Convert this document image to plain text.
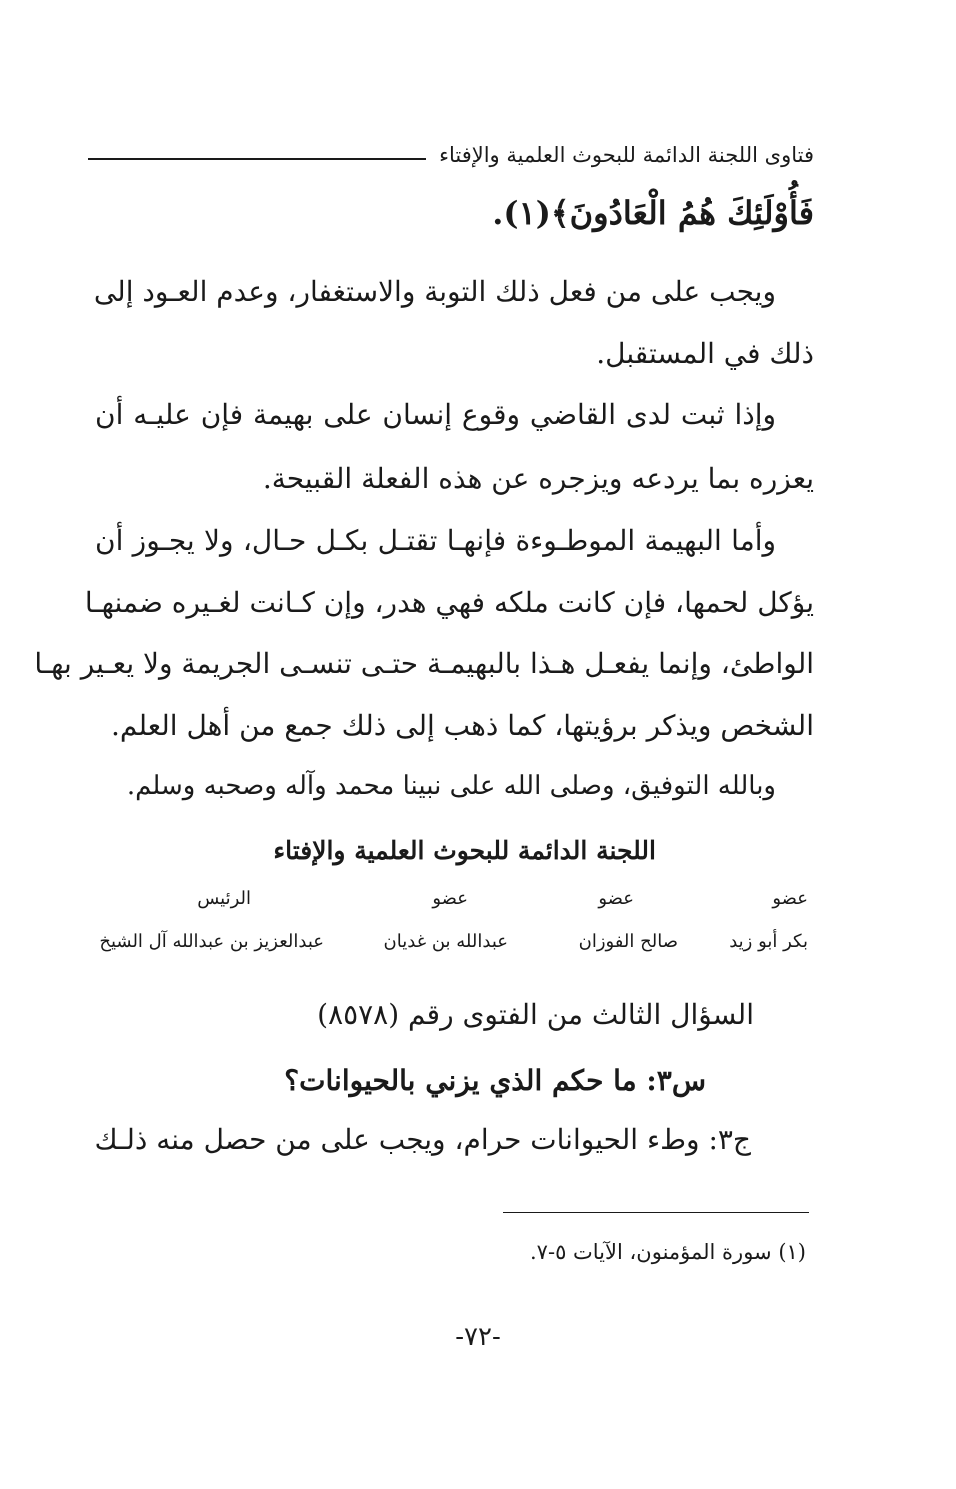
فتاوى اللجنة الدائمة للبحوث العلمية والإفتاء
فَأُوْلَئِكَ هُمُ الْعَادُونَ﴾(١).
ويجب على من فعل ذلك التوبة والاستغفار، وعدم العـود إلى
ذلك في المستقبل.
وإذا ثبت لدى القاضي وقوع إنسان على بهيمة فإن عليـه أن
يعزره بما يردعه ويزجره عن هذه الفعلة القبيحة.
وأما البهيمة الموطـوءة فإنهـا تقتـل بكـل حـال، ولا يجـوز أن
يؤكل لحمها، فإن كانت ملكه فهي هدر، وإن كـانت لغـيره ضمنهـا
الواطئ، وإنما يفعـل هـذا بالبهيمـة حتـى تنسـى الجريمة ولا يعـير بهـا
الشخص ويذكر برؤيتها، كما ذهب إلى ذلك جمع من أهل العلم.
وبالله التوفيق، وصلى الله على نبينا محمد وآله وصحبه وسلم.
اللجنة الدائمة للبحوث العلمية والإفتاء
عضو
عضو
عضو
الرئيس
بكر أبو زيد
صالح الفوزان
عبدالله بن غديان
عبدالعزيز بن عبدالله آل الشيخ
السؤال الثالث من الفتوى رقم (٨٥٧٨)
س٣: ما حكم الذي يزني بالحيوانات؟
ج٣: وطء الحيوانات حرام، ويجب على من حصل منه ذلـك
(١) سورة المؤمنون، الآيات ٥-٧.
-٧٢-
